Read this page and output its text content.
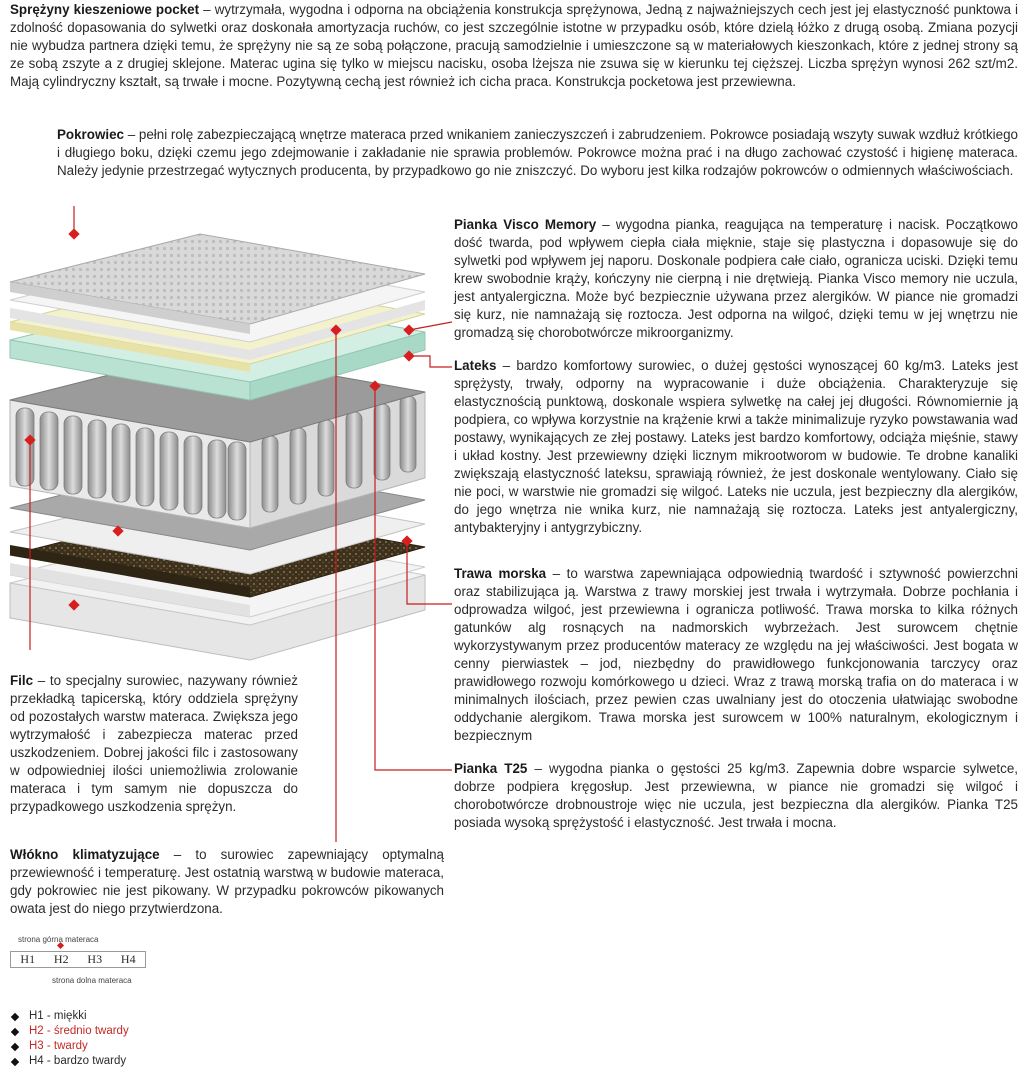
Sprężyny kieszeniowe pocket – wytrzymała, wygodna i odporna na obciążenia konstrukcja sprężynowa, Jedną z najważniejszych cech jest jej elastyczność punktowa i zdolność dopasowania do sylwetki oraz doskonała amortyzacja ruchów, co jest szczególnie istotne w przypadku osób, które dzielą łóżko z drugą osobą. Zmiana pozycji nie wybudza partnera dzięki temu, że sprężyny nie są ze sobą połączone, pracują samodzielnie i umieszczone są w materiałowych kieszonkach, które z jednej strony są ze sobą zszyte a z drugiej sklejone. Materac ugina się tylko w miejscu nacisku, osoba lżejsza nie zsuwa się w kierunku tej cięższej. Liczba sprężyn wynosi 262 szt/m2. Mają cylindryczny kształt, są trwałe i mocne. Pozytywną cechą jest również ich cicha praca. Konstrukcja pocketowa jest przewiewna.

Pokrowiec – pełni rolę zabezpieczającą wnętrze materaca przed wnikaniem zanieczyszczeń i zabrudzeniem. Pokrowce posiadają wszyty suwak wzdłuż krótkiego i długiego boku, dzięki czemu jego zdejmowanie i zakładanie nie sprawia problemów. Pokrowce można prać i na długo zachować czystość i higienę materaca. Należy jedynie przestrzegać wytycznych producenta, by przypadkowo go nie zniszczyć. Do wyboru jest kilka rodzajów pokrowców o odmiennych właściwościach.

Pianka Visco Memory – wygodna pianka, reagująca na temperaturę i nacisk. Początkowo dość twarda, pod wpływem ciepła ciała mięknie, staje się plastyczna i dopasowuje się do sylwetki pod wpływem jej naporu. Doskonale podpiera całe ciało, ogranicza uciski. Dzięki temu krew swobodnie krąży, kończyny nie cierpną i nie drętwieją. Pianka Visco memory nie uczula, jest antyalergiczna. Może być bezpiecznie używana przez alergików. W piance nie gromadzi się kurz, nie namnażają się roztocza. Jest odporna na wilgoć, dzięki temu w jej wnętrzu nie gromadzą się chorobotwórcze mikroorganizmy.

Lateks – bardzo komfortowy surowiec, o dużej gęstości wynoszącej 60 kg/m3. Lateks jest sprężysty, trwały, odporny na wypracowanie i duże obciążenia. Charakteryzuje się elastycznością punktową, doskonale wspiera sylwetkę na całej jej długości. Równomiernie ją podpiera, co wpływa korzystnie na krążenie krwi a także minimalizuje ryzyko powstawania wad postawy, wynikających ze złej postawy. Lateks jest bardzo komfortowy, odciąża mięśnie, stawy i układ kostny. Jest przewiewny dzięki licznym mikrootworom w budowie. Te drobne kanaliki zwiększają elastyczność lateksu, sprawiają również, że jest doskonale wentylowany. Ciało się nie poci, w warstwie nie gromadzi się wilgoć. Lateks nie uczula, jest bezpieczny dla alergików, do jego wnętrza nie wnika kurz, nie namnażają się roztocza. Lateks jest antyalergiczny, antybakteryjny i antygrzybiczny.

Trawa morska – to warstwa zapewniająca odpowiednią twardość i sztywność powierzchni oraz stabilizująca ją. Warstwa z trawy morskiej jest trwała i wytrzymała. Dobrze pochłania i odprowadza wilgoć, jest przewiewna i ogranicza potliwość. Trawa morska to kilka różnych gatunków alg rosnących na nadmorskich wybrzeżach. Jest surowcem chętnie wykorzystywanym przez producentów materacy ze względu na jej właściwości. Jest bogata w cenny pierwiastek – jod, niezbędny do prawidłowego funkcjonowania tarczycy oraz prawidłowego rozwoju komórkowego u dzieci. Wraz z trawą morską trafia on do materaca i w minimalnych ilościach, przez pewien czas uwalniany jest do otoczenia ułatwiając swobodne oddychanie alergikom. Trawa morska jest surowcem w 100% naturalnym, ekologicznym i bezpiecznym

Pianka T25 – wygodna pianka o gęstości 25 kg/m3. Zapewnia dobre wsparcie sylwetce, dobrze podpiera kręgosłup. Jest przewiewna, w piance nie gromadzi się wilgoć i chorobotwórcze drobnoustroje więc nie uczula, jest bezpieczna dla alergików. Pianka T25 posiada wysoką sprężystość i elastyczność. Jest trwała i mocna.

Filc – to specjalny surowiec, nazywany również przekładką tapicerską, który oddziela sprężyny od pozostałych warstw materaca. Zwiększa jego wytrzymałość i zabezpiecza materac przed uszkodzeniem. Dobrej jakości filc i zastosowany w odpowiedniej ilości uniemożliwia zrolowanie materaca i tym samym nie dopuszcza do przypadkowego uszkodzenia sprężyn.

Włókno klimatyzujące – to surowiec zapewniający optymalną przewiewność i temperaturę. Jest ostatnią warstwą w budowie materaca, gdy pokrowiec nie jest pikowany. W przypadku pokrowców pikowanych owata jest do niego przytwierdzona.

strona górna materaca
H1	H2	H3	H4
strona dolna materaca
H1 - miękki
H2 - średnio twardy
H3 - twardy
H4 - bardzo twardy
